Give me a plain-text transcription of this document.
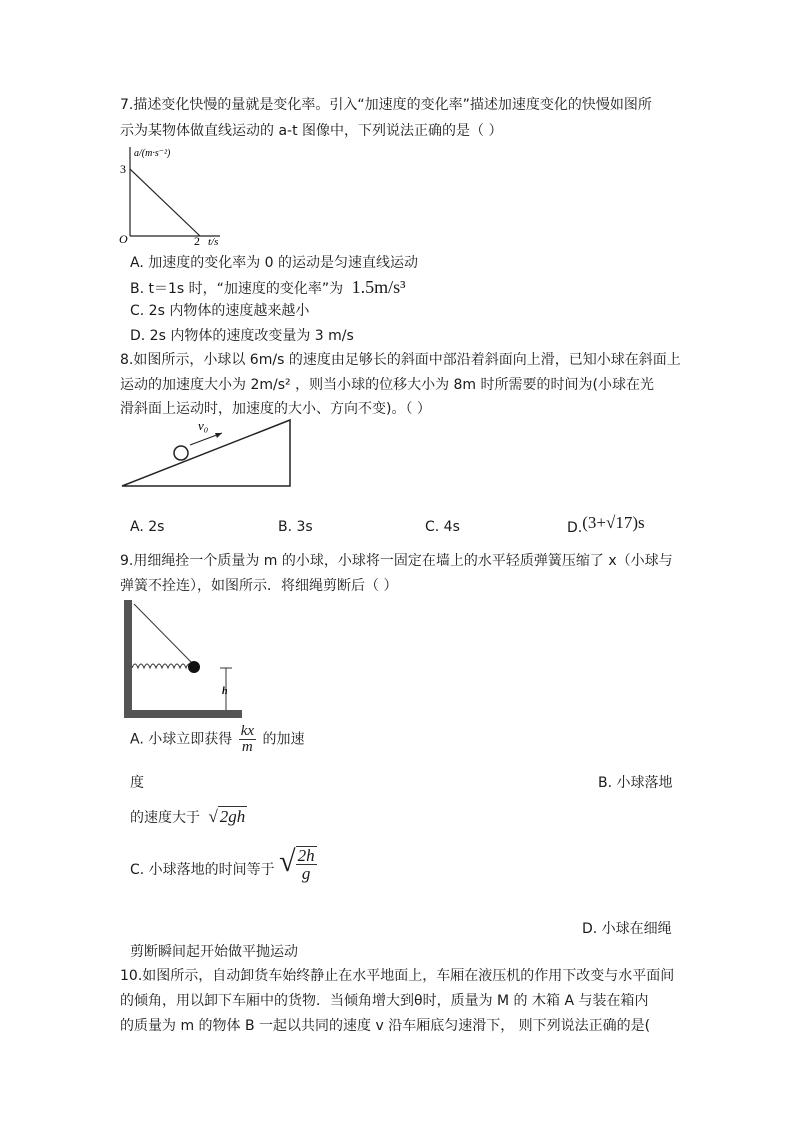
7.描述变化快慢的量就是变化率。引入“加速度的变化率”描述加速度变化的快慢如图所
示为某物体做直线运动的 a-t 图像中，下列说法正确的是（ ）
a/(m·s⁻²)
3
O	2 t/s
A. 加速度的变化率为 0 的运动是匀速直线运动
B. t＝1s 时，“加速度的变化率”为 1.5m/s³
C. 2s 内物体的速度越来越小
D. 2s 内物体的速度改变量为 3 m/s
8.如图所示，小球以 6m/s 的速度由足够长的斜面中部沿着斜面向上滑，已知小球在斜面上
运动的加速度大小为 2m/s² ，则当小球的位移大小为 8m 时所需要的时间为(小球在光
滑斜面上运动时，加速度的大小、方向不变)。（ ）
v₀
A. 2s	B. 3s	C. 4s	D.(3+√17)s
9.用细绳拴一个质量为 m 的小球，小球将一固定在墙上的水平轻质弹簧压缩了 x（小球与
弹簧不拴连），如图所示．将细绳剪断后（ ）
h
A. 小球立即获得 $\frac{kx}{m}$ 的加速
度	B. 小球落地
的速度大于 √ 2gh
C. 小球落地的时间等于 √ $\frac{2h}{g}$
D. 小球在细绳
剪断瞬间起开始做平抛运动
10.如图所示，自动卸货车始终静止在水平地面上，车厢在液压机的作用下改变与水平面间
的倾角，用以卸下车厢中的货物．当倾角增大到θ时，质量为 M 的 木箱 A 与装在箱内
的质量为 m 的物体 B 一起以共同的速度 v 沿车厢底匀速滑下， 则下列说法正确的是(
